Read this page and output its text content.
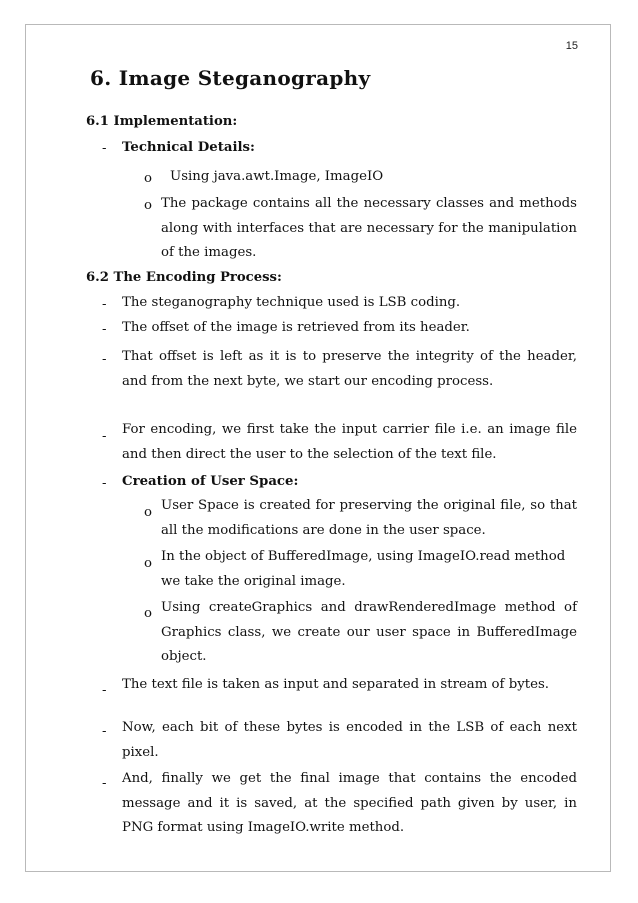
15
6. Image Steganography
6.1 Implementation:
- Technical Details:
o Using java.awt.Image, ImageIO
o The package contains all the necessary classes and methods along with interfaces that are necessary for the manipulation of the images.
6.2 The Encoding Process:
- The steganography technique used is LSB coding.
- The offset of the image is retrieved from its header.
- That offset is left as it is to preserve the integrity of the header, and from the next byte, we start our encoding process.
- For encoding, we first take the input carrier file i.e. an image file and then direct the user to the selection of the text file.
- Creation of User Space:
o User Space is created for preserving the original file, so that all the modifications are done in the user space.
o In the object of BufferedImage, using ImageIO.read method we take the original image.
o Using createGraphics and drawRenderedImage method of Graphics class, we create our user space in BufferedImage object.
- The text file is taken as input and separated in stream of bytes.
- Now, each bit of these bytes is encoded in the LSB of each next pixel.
- And, finally we get the final image that contains the encoded message and it is saved, at the specified path given by user, in PNG format using ImageIO.write method.
